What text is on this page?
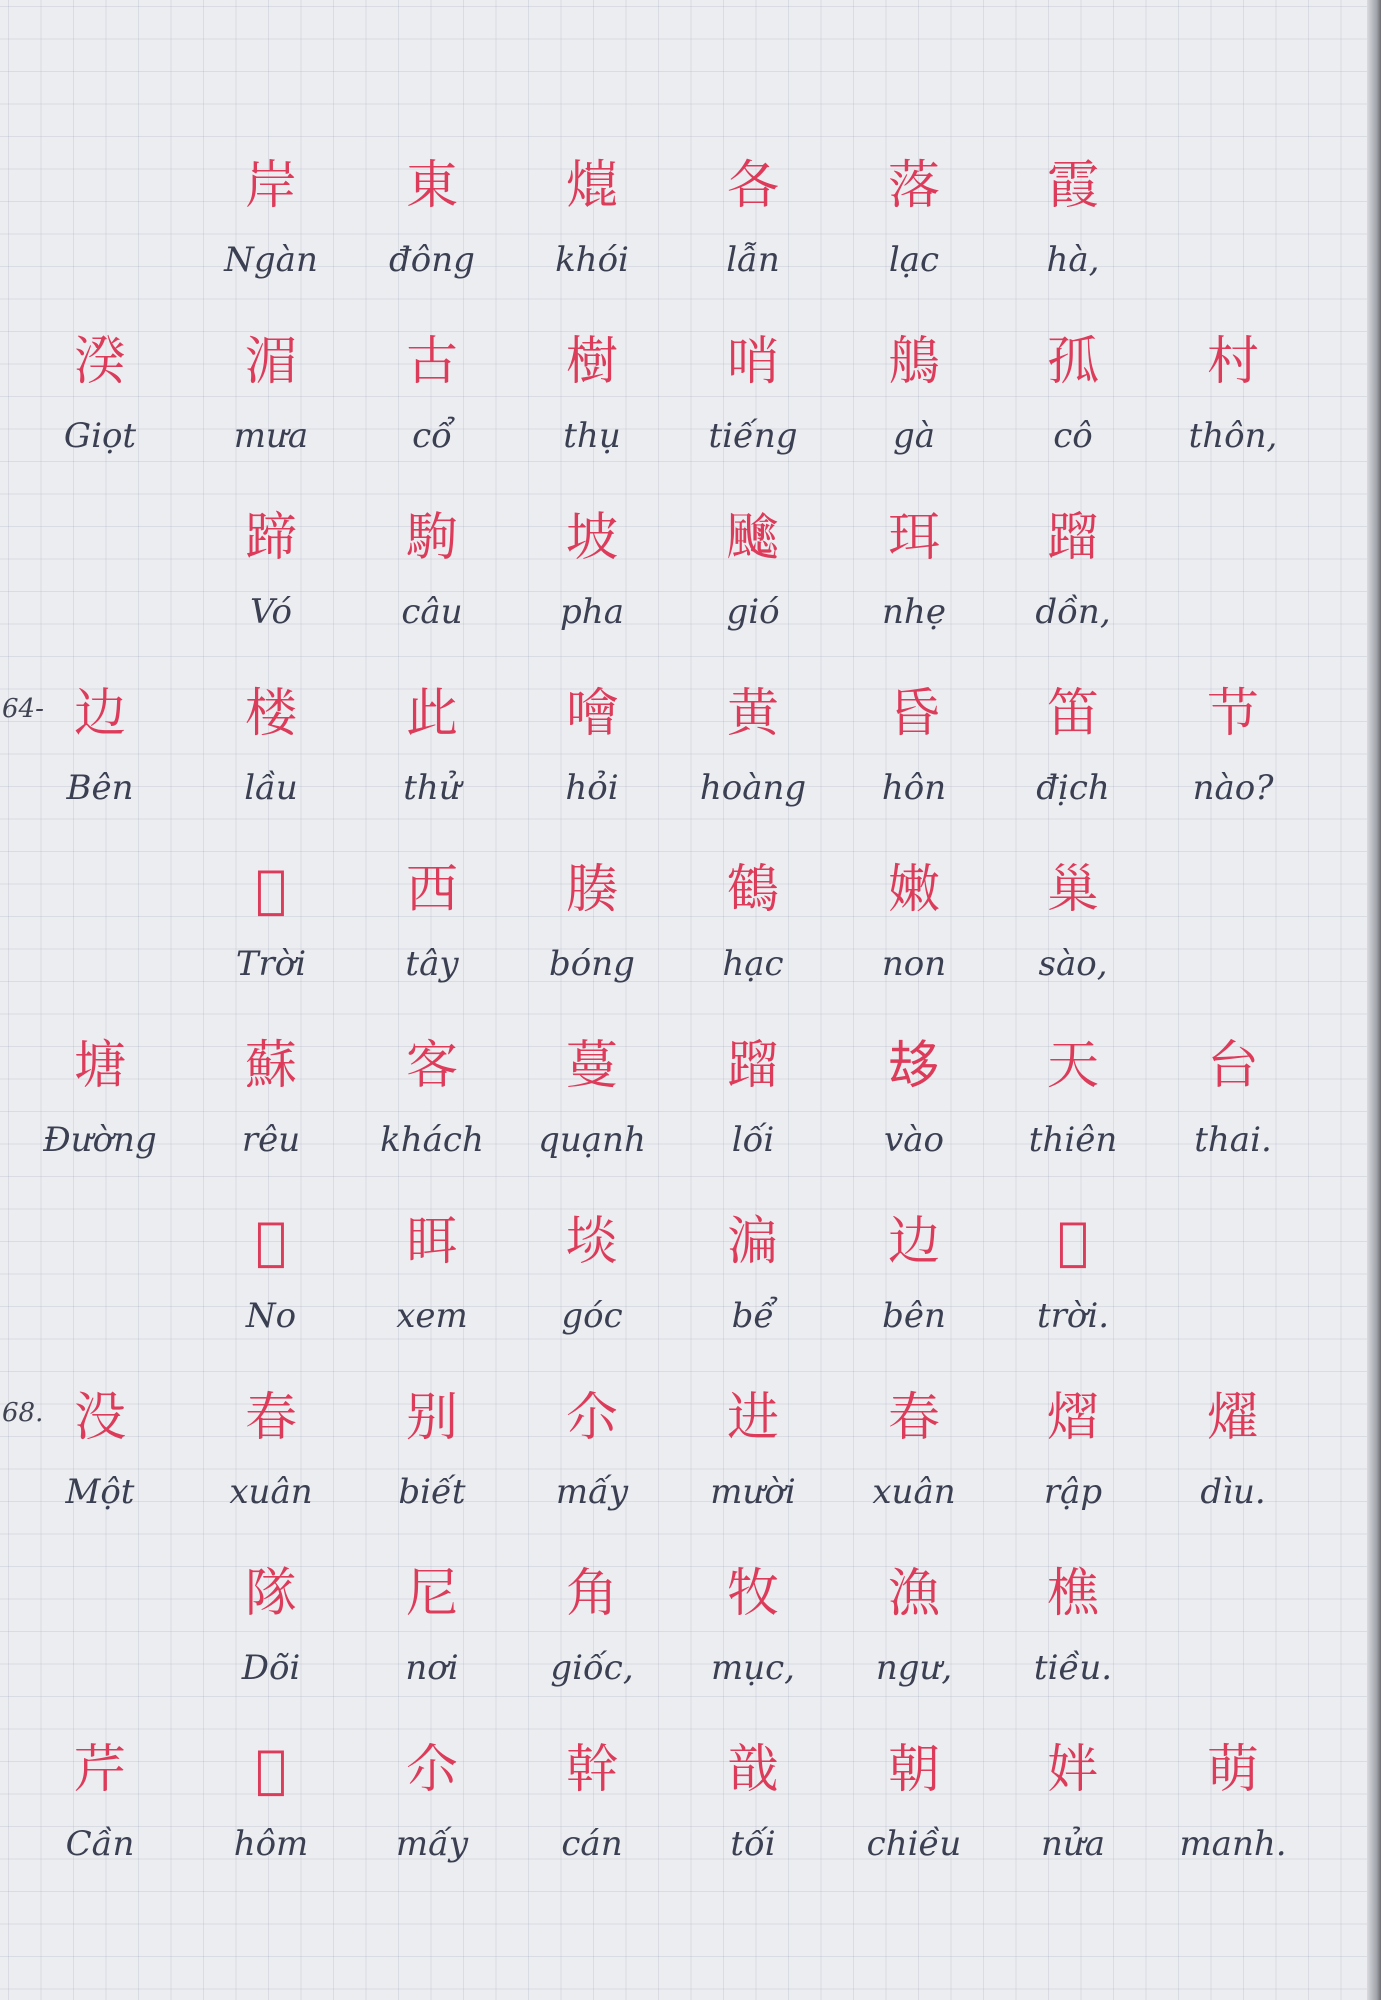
岸	東	熴	各	落	霞
Ngàn	đông	khói	lẫn	lạc	hà,
湀	湄	古	樹	哨	鵃	孤	村
Giọt	mưa	cổ	thụ	tiếng	gà	cô	thôn,
蹄	駒	坡	𩙍	珥	蹓
Vó	câu	pha	gió	nhẹ	dồn,
64- 边	楼	此	噲	黄	昏	笛	节
Bên	lầu	thử	hỏi	hoàng	hôn	địch	nào?
𡗶	西	腠	鶴	嫩	巢
Trời	tây	bóng	hạc	non	sào,
塘	蘇	客	蔓	蹓	𠫾	天	台
Đường	rêu	khách	quạnh	lối	vào	thiên	thai.
𩛂	眲	埮	㴜	边	𡗶
No	xem	góc	bể	bên	trời.
68. 没	春	别	尒	进	春	熠	燿
Một	xuân	biết	mấy	mười	xuân	rập	dìu.
隊	尼	角	牧	漁	樵
Dõi	nơi	giốc,	mục,	ngư,	tiều.
芹	𣋚	尒	幹	戠	朝	姅	萌
Cần	hôm	mấy	cán	tối	chiều	nửa	manh.
